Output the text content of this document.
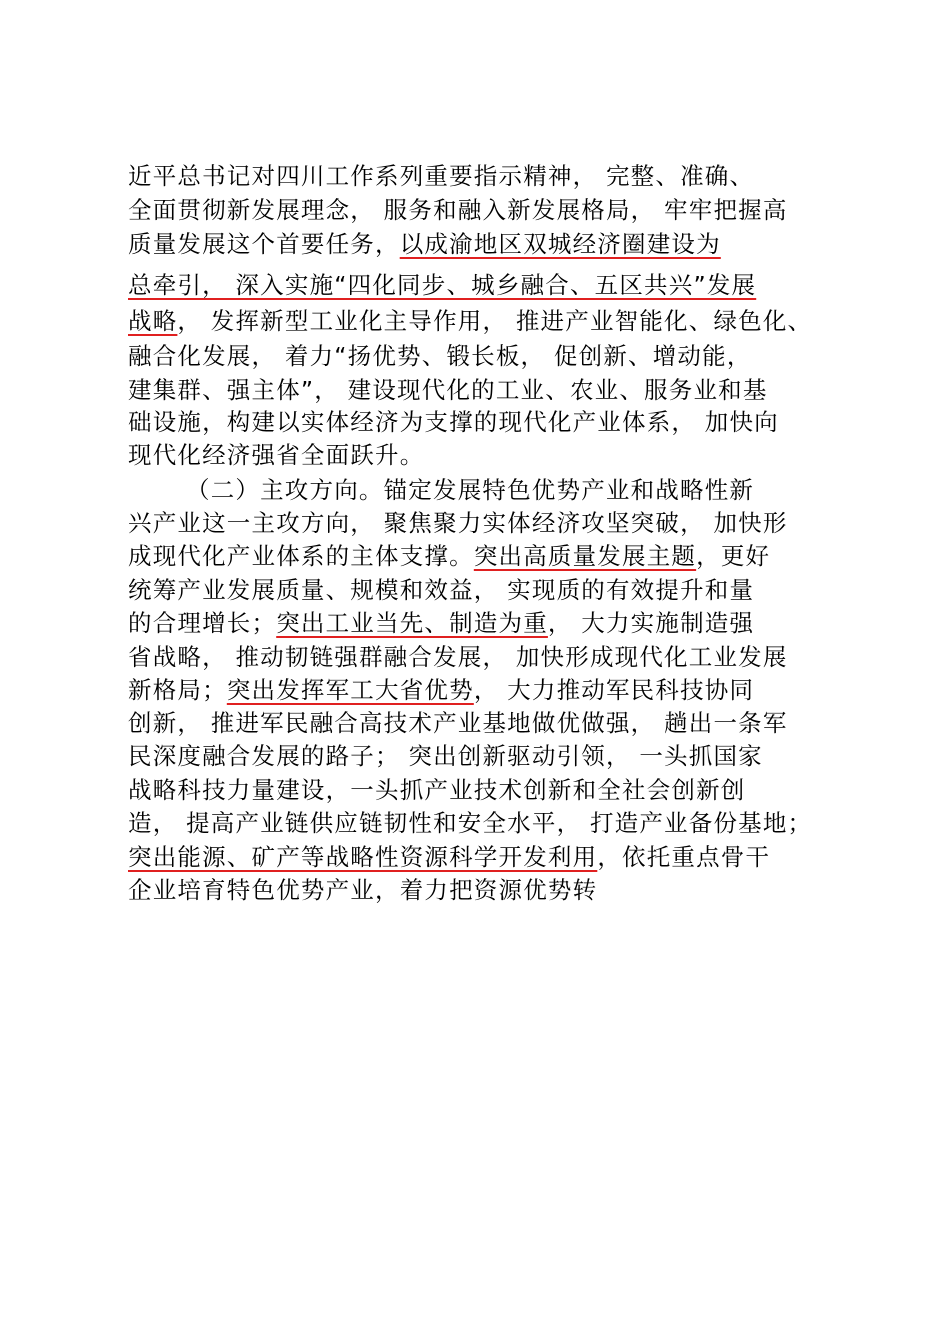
近平总书记对四川工作系列重要指示精神， 完整、准确、
全面贯彻新发展理念， 服务和融入新发展格局， 牢牢把握高
质量发展这个首要任务，以成渝地区双城经济圈建设为
总牵引， 深入实施“四化同步、城乡融合、五区共兴”发展
战略， 发挥新型工业化主导作用， 推进产业智能化、绿色化、
融合化发展， 着力“扬优势、锻长板， 促创新、增动能，
建集群、强主体”， 建设现代化的工业、农业、服务业和基
础设施，构建以实体经济为支撑的现代化产业体系， 加快向
现代化经济强省全面跃升。
（二）主攻方向。锚定发展特色优势产业和战略性新
兴产业这一主攻方向， 聚焦聚力实体经济攻坚突破， 加快形
成现代化产业体系的主体支撑。突出高质量发展主题，更好
统筹产业发展质量、规模和效益， 实现质的有效提升和量
的合理增长；突出工业当先、制造为重， 大力实施制造强
省战略， 推动韧链强群融合发展， 加快形成现代化工业发展
新格局；突出发挥军工大省优势， 大力推动军民科技协同
创新， 推进军民融合高技术产业基地做优做强， 趟出一条军
民深度融合发展的路子； 突出创新驱动引领， 一头抓国家
战略科技力量建设，一头抓产业技术创新和全社会创新创
造， 提高产业链供应链韧性和安全水平， 打造产业备份基地；
突出能源、矿产等战略性资源科学开发利用，依托重点骨干
企业培育特色优势产业，着力把资源优势转
